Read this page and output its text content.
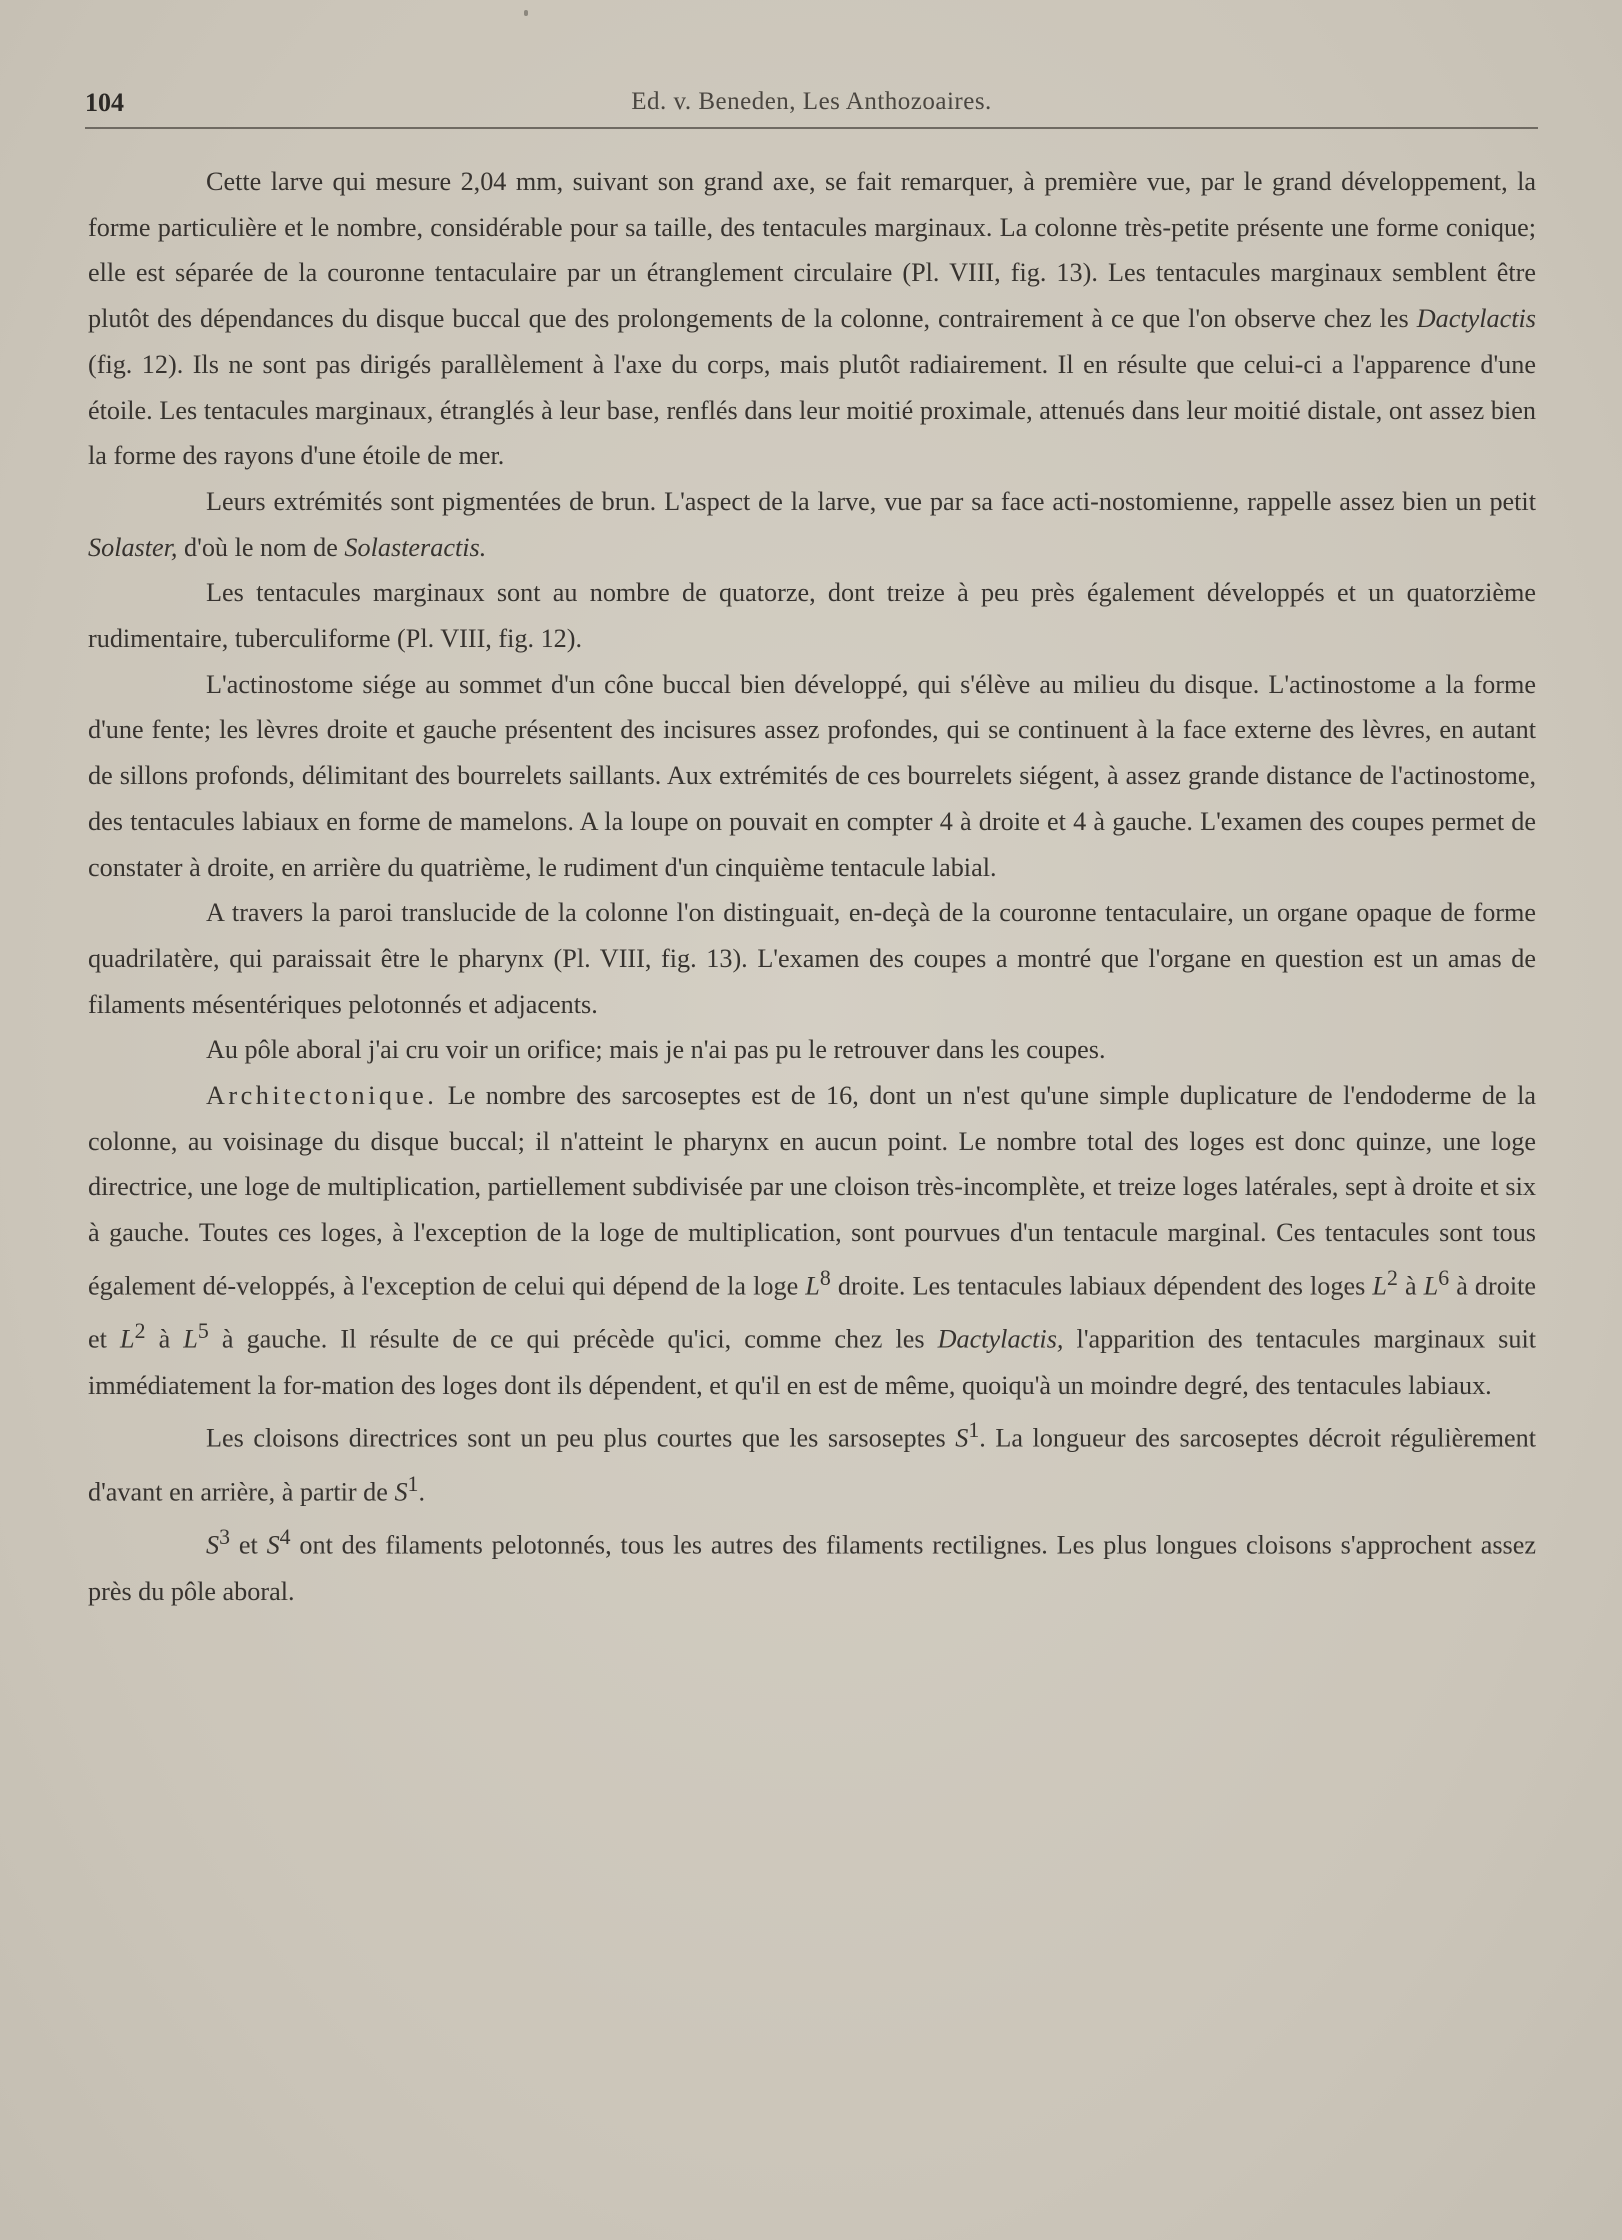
104	Ed. v. Beneden, Les Anthozoaires.

Cette larve qui mesure 2,04 mm, suivant son grand axe, se fait remarquer, à première vue, par le grand développement, la forme particulière et le nombre, considérable pour sa taille, des tentacules marginaux. La colonne très-petite présente une forme conique; elle est séparée de la couronne tentaculaire par un étranglement circulaire (Pl. VIII, fig. 13). Les tentacules marginaux semblent être plutôt des dépendances du disque buccal que des prolongements de la colonne, contrairement à ce que l'on observe chez les Dactylactis (fig. 12). Ils ne sont pas dirigés parallèlement à l'axe du corps, mais plutôt radiairement. Il en résulte que celui-ci a l'apparence d'une étoile. Les tentacules marginaux, étranglés à leur base, renflés dans leur moitié proximale, attenués dans leur moitié distale, ont assez bien la forme des rayons d'une étoile de mer.

Leurs extrémités sont pigmentées de brun. L'aspect de la larve, vue par sa face acti-nostomienne, rappelle assez bien un petit Solaster, d'où le nom de Solasteractis.

Les tentacules marginaux sont au nombre de quatorze, dont treize à peu près également développés et un quatorzième rudimentaire, tuberculiforme (Pl. VIII, fig. 12).

L'actinostome siége au sommet d'un cône buccal bien développé, qui s'élève au milieu du disque. L'actinostome a la forme d'une fente; les lèvres droite et gauche présentent des incisures assez profondes, qui se continuent à la face externe des lèvres, en autant de sillons profonds, délimitant des bourrelets saillants. Aux extrémités de ces bourrelets siégent, à assez grande distance de l'actinostome, des tentacules labiaux en forme de mamelons. A la loupe on pouvait en compter 4 à droite et 4 à gauche. L'examen des coupes permet de constater à droite, en arrière du quatrième, le rudiment d'un cinquième tentacule labial.

A travers la paroi translucide de la colonne l'on distinguait, en-deçà de la couronne tentaculaire, un organe opaque de forme quadrilatère, qui paraissait être le pharynx (Pl. VIII, fig. 13). L'examen des coupes a montré que l'organe en question est un amas de filaments mésentériques pelotonnés et adjacents.

Au pôle aboral j'ai cru voir un orifice; mais je n'ai pas pu le retrouver dans les coupes.

Architectonique. Le nombre des sarcoseptes est de 16, dont un n'est qu'une simple duplicature de l'endoderme de la colonne, au voisinage du disque buccal; il n'atteint le pharynx en aucun point. Le nombre total des loges est donc quinze, une loge directrice, une loge de multiplication, partiellement subdivisée par une cloison très-incomplète, et treize loges latérales, sept à droite et six à gauche. Toutes ces loges, à l'exception de la loge de multiplication, sont pourvues d'un tentacule marginal. Ces tentacules sont tous également dé-veloppés, à l'exception de celui qui dépend de la loge $L^8$ droite. Les tentacules labiaux dépendent des loges $L^2$ à $L^6$ à droite et $L^2$ à $L^5$ à gauche. Il résulte de ce qui précède qu'ici, comme chez les Dactylactis, l'apparition des tentacules marginaux suit immédiatement la for-mation des loges dont ils dépendent, et qu'il en est de même, quoiqu'à un moindre degré, des tentacules labiaux.

Les cloisons directrices sont un peu plus courtes que les sarsoseptes $S^1$. La longueur des sarcoseptes décroit régulièrement d'avant en arrière, à partir de $S^1$.

$S^3$ et $S^4$ ont des filaments pelotonnés, tous les autres des filaments rectilignes. Les plus longues cloisons s'approchent assez près du pôle aboral.
